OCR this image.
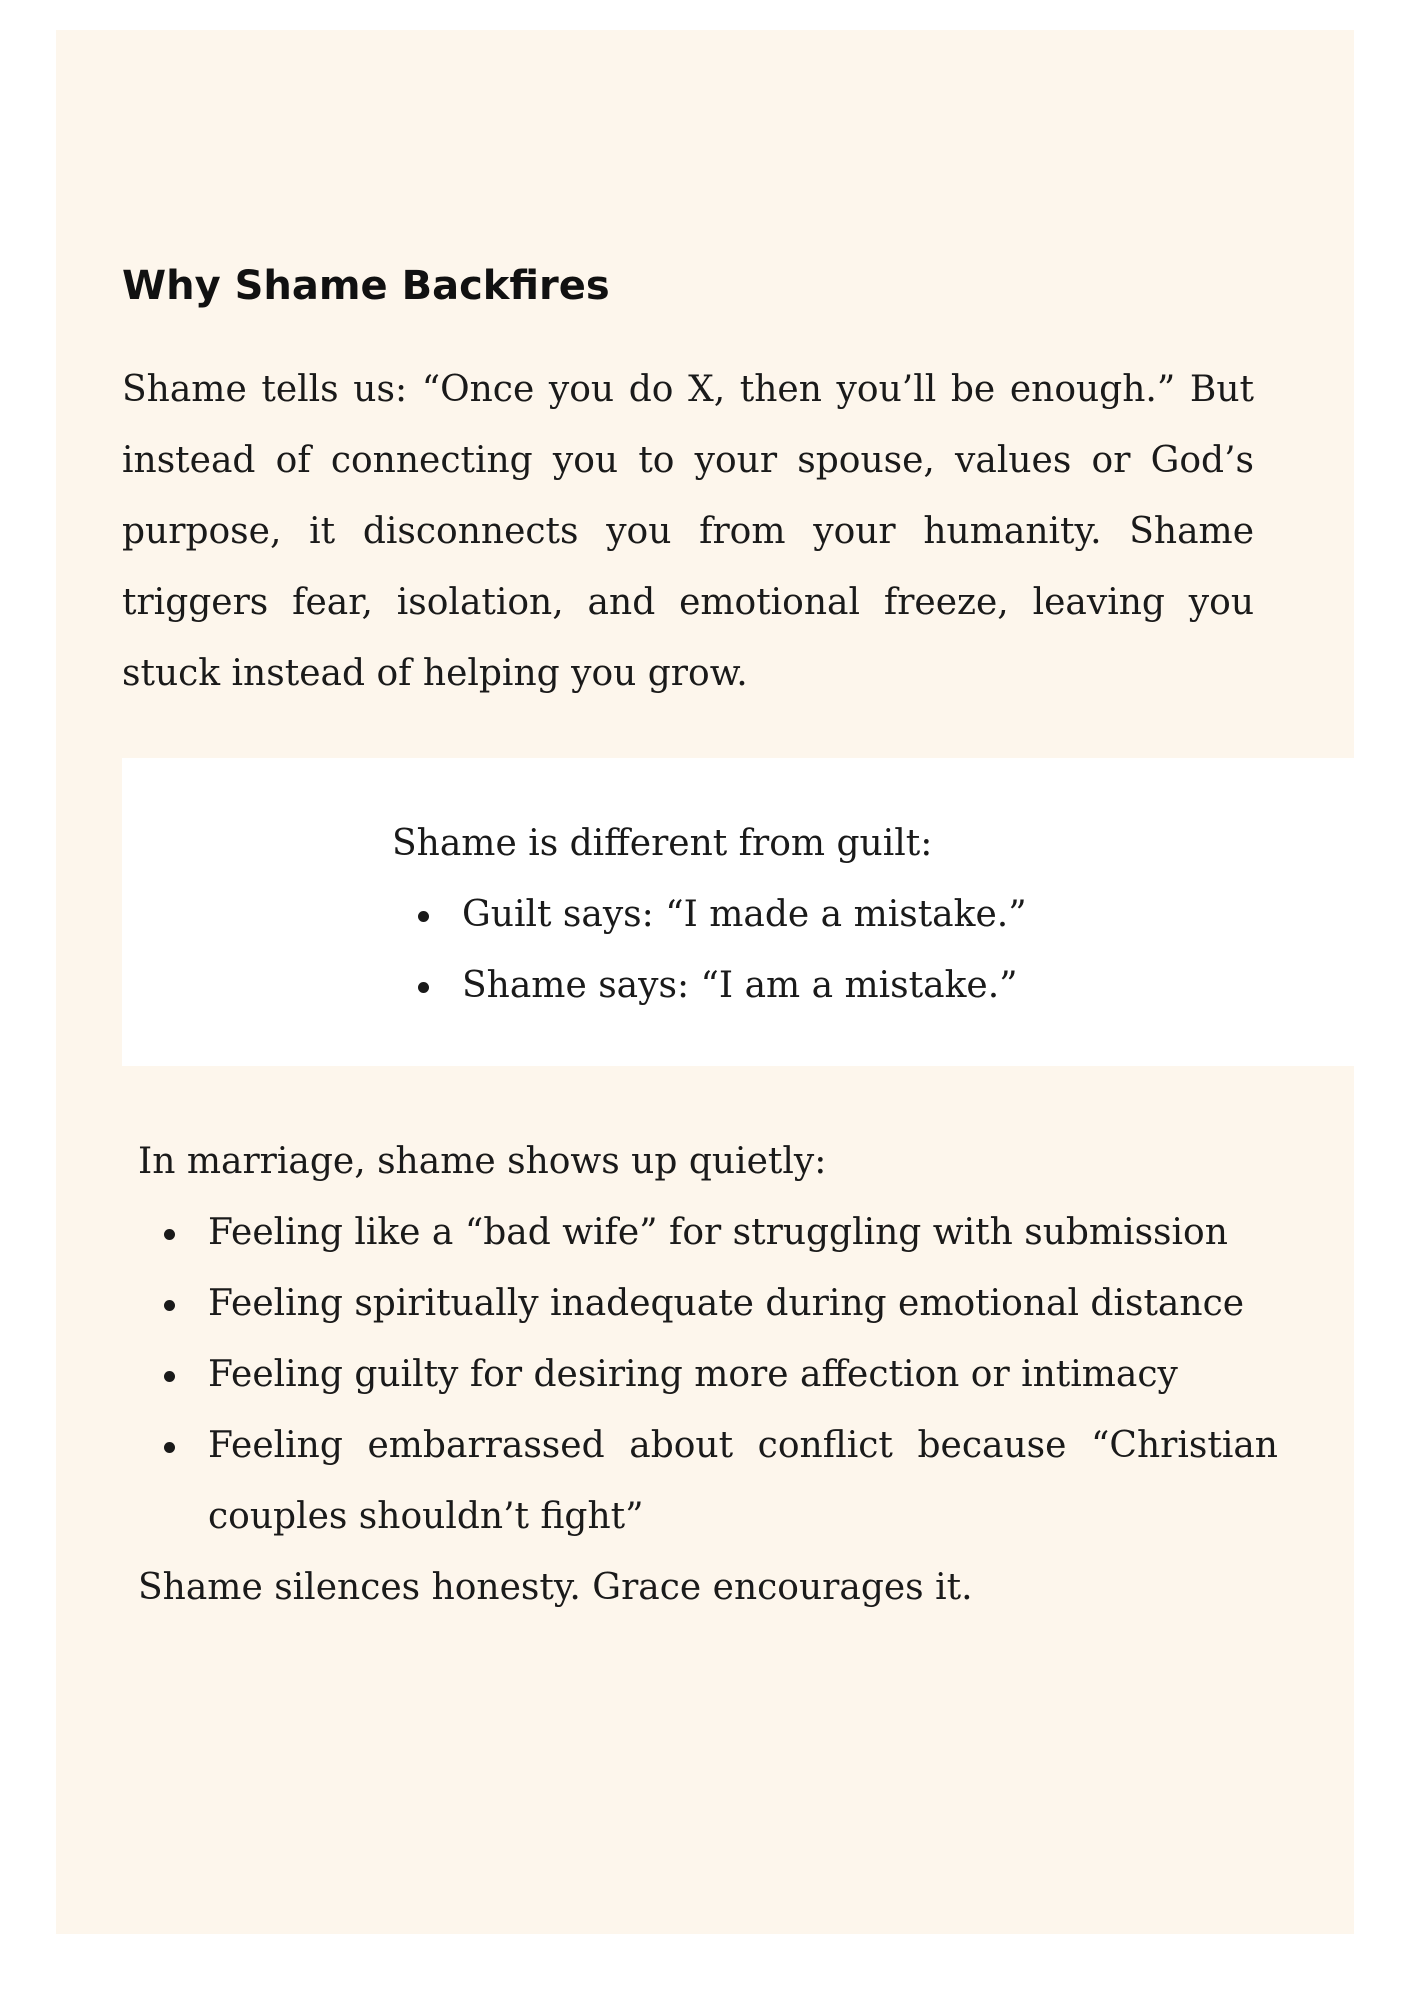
Why Shame Backfires

Shame tells us: “Once you do X, then you’ll be enough.” But instead of connecting you to your spouse, values or God’s purpose, it disconnects you from your humanity. Shame triggers fear, isolation, and emotional freeze, leaving you stuck instead of helping you grow.

Shame is different from guilt:

Guilt says: “I made a mistake.”
Shame says: “I am a mistake.”

In marriage, shame shows up quietly:

Feeling like a “bad wife” for struggling with submission
Feeling spiritually inadequate during emotional distance
Feeling guilty for desiring more affection or intimacy
Feeling embarrassed about conflict because “Christian couples shouldn’t fight”

Shame silences honesty. Grace encourages it.
